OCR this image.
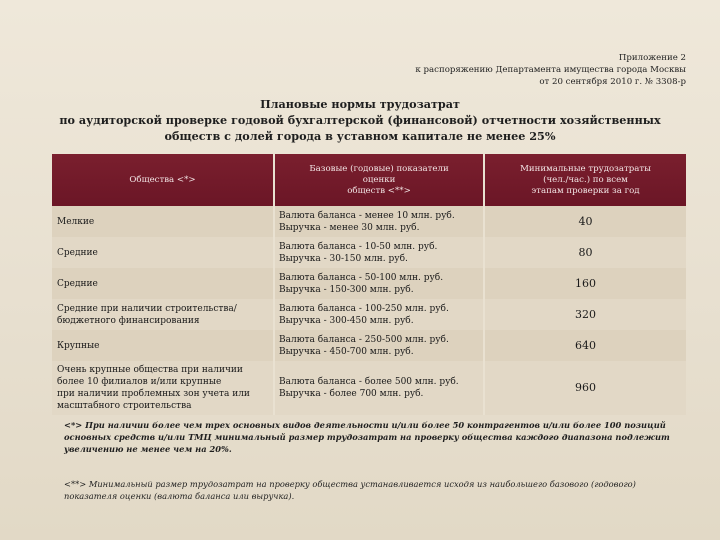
Приложение 2
к распоряжению Департамента имущества города Москвы
от 20 сентября 2010 г. № 3308-р
Плановые нормы трудозатрат
по аудиторской проверке годовой бухгалтерской (финансовой) отчетности хозяйственных
обществ с долей города в уставном капитале не менее 25%
Общества <*>	Базовые (годовые) показатели
оценки
обществ <**>	Минимальные трудозатраты
(чел./час.) по всем
этапам проверки за год

Мелкие	Валюта баланса - менее 10 млн. руб.
Выручка - менее 30 млн. руб.	40

Средние	Валюта баланса - 10-50 млн. руб.
Выручка - 30-150 млн. руб.	80

Средние	Валюта баланса - 50-100 млн. руб.
Выручка - 150-300 млн. руб.	160

Средние при наличии строительства/
бюджетного финансирования	Валюта баланса - 100-250 млн. руб.
Выручка - 300-450 млн. руб.	320

Крупные	Валюта баланса - 250-500 млн. руб.
Выручка - 450-700 млн. руб.	640

Очень крупные общества при наличии
более 10 филиалов и/или крупные
при наличии проблемных зон учета или
масштабного строительства	Валюта баланса - более 500 млн. руб.
Выручка - более 700 млн. руб.	960
<*> При наличии более чем трех основных видов деятельности и/или более 50 контрагентов и/или более 100 позиций основных средств и/или ТМЦ минимальный размер трудозатрат на проверку общества каждого диапазона подлежит увеличению не менее чем на 20%.
<**> Минимальный размер трудозатрат на проверку общества устанавливается исходя из наибольшего базового (годового) показателя оценки (валюта баланса или выручка).
